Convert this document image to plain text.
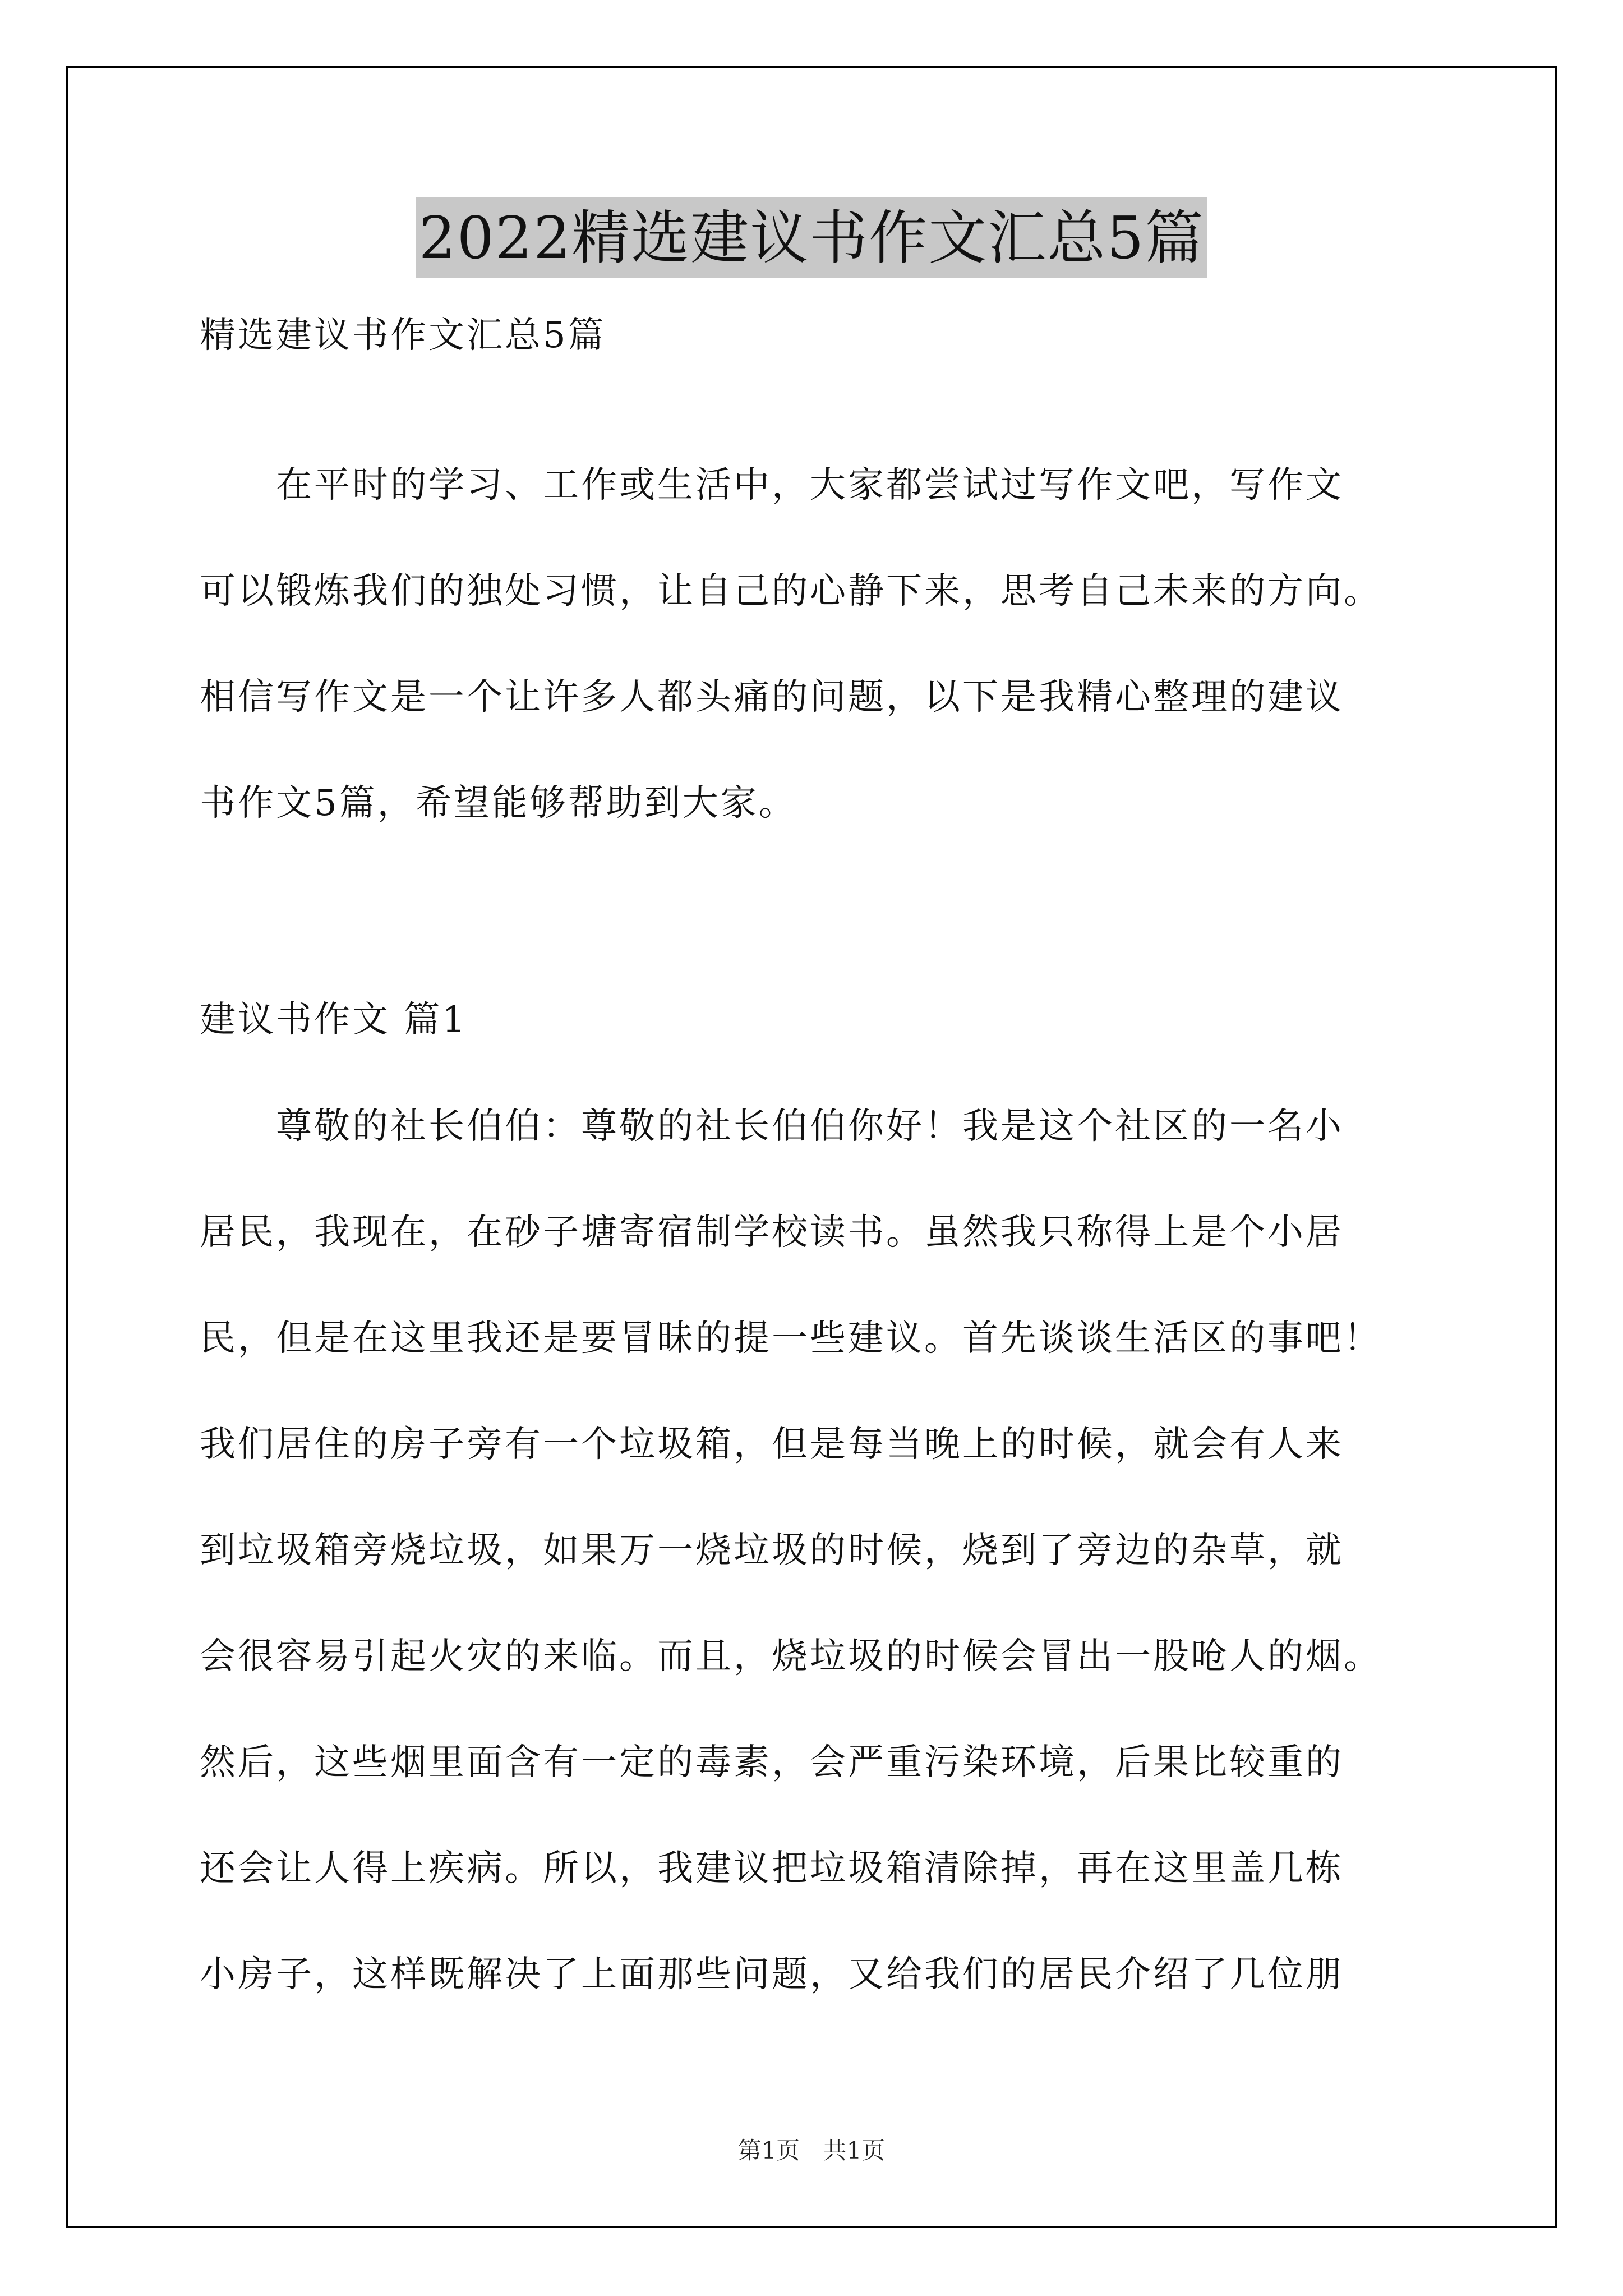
2022精选建议书作文汇总5篇
精选建议书作文汇总5篇
　　在平时的学习、工作或生活中，大家都尝试过写作文吧，写作文
可以锻炼我们的独处习惯，让自己的心静下来，思考自己未来的方向。
相信写作文是一个让许多人都头痛的问题，以下是我精心整理的建议
书作文5篇，希望能够帮助到大家。
建议书作文 篇1
　　尊敬的社长伯伯：尊敬的社长伯伯你好！我是这个社区的一名小
居民，我现在，在砂子塘寄宿制学校读书。虽然我只称得上是个小居
民，但是在这里我还是要冒昧的提一些建议。首先谈谈生活区的事吧！
我们居住的房子旁有一个垃圾箱，但是每当晚上的时候，就会有人来
到垃圾箱旁烧垃圾，如果万一烧垃圾的时候，烧到了旁边的杂草，就
会很容易引起火灾的来临。而且，烧垃圾的时候会冒出一股呛人的烟。
然后，这些烟里面含有一定的毒素，会严重污染环境，后果比较重的
还会让人得上疾病。所以，我建议把垃圾箱清除掉，再在这里盖几栋
小房子，这样既解决了上面那些问题，又给我们的居民介绍了几位朋
第1页 共1页
